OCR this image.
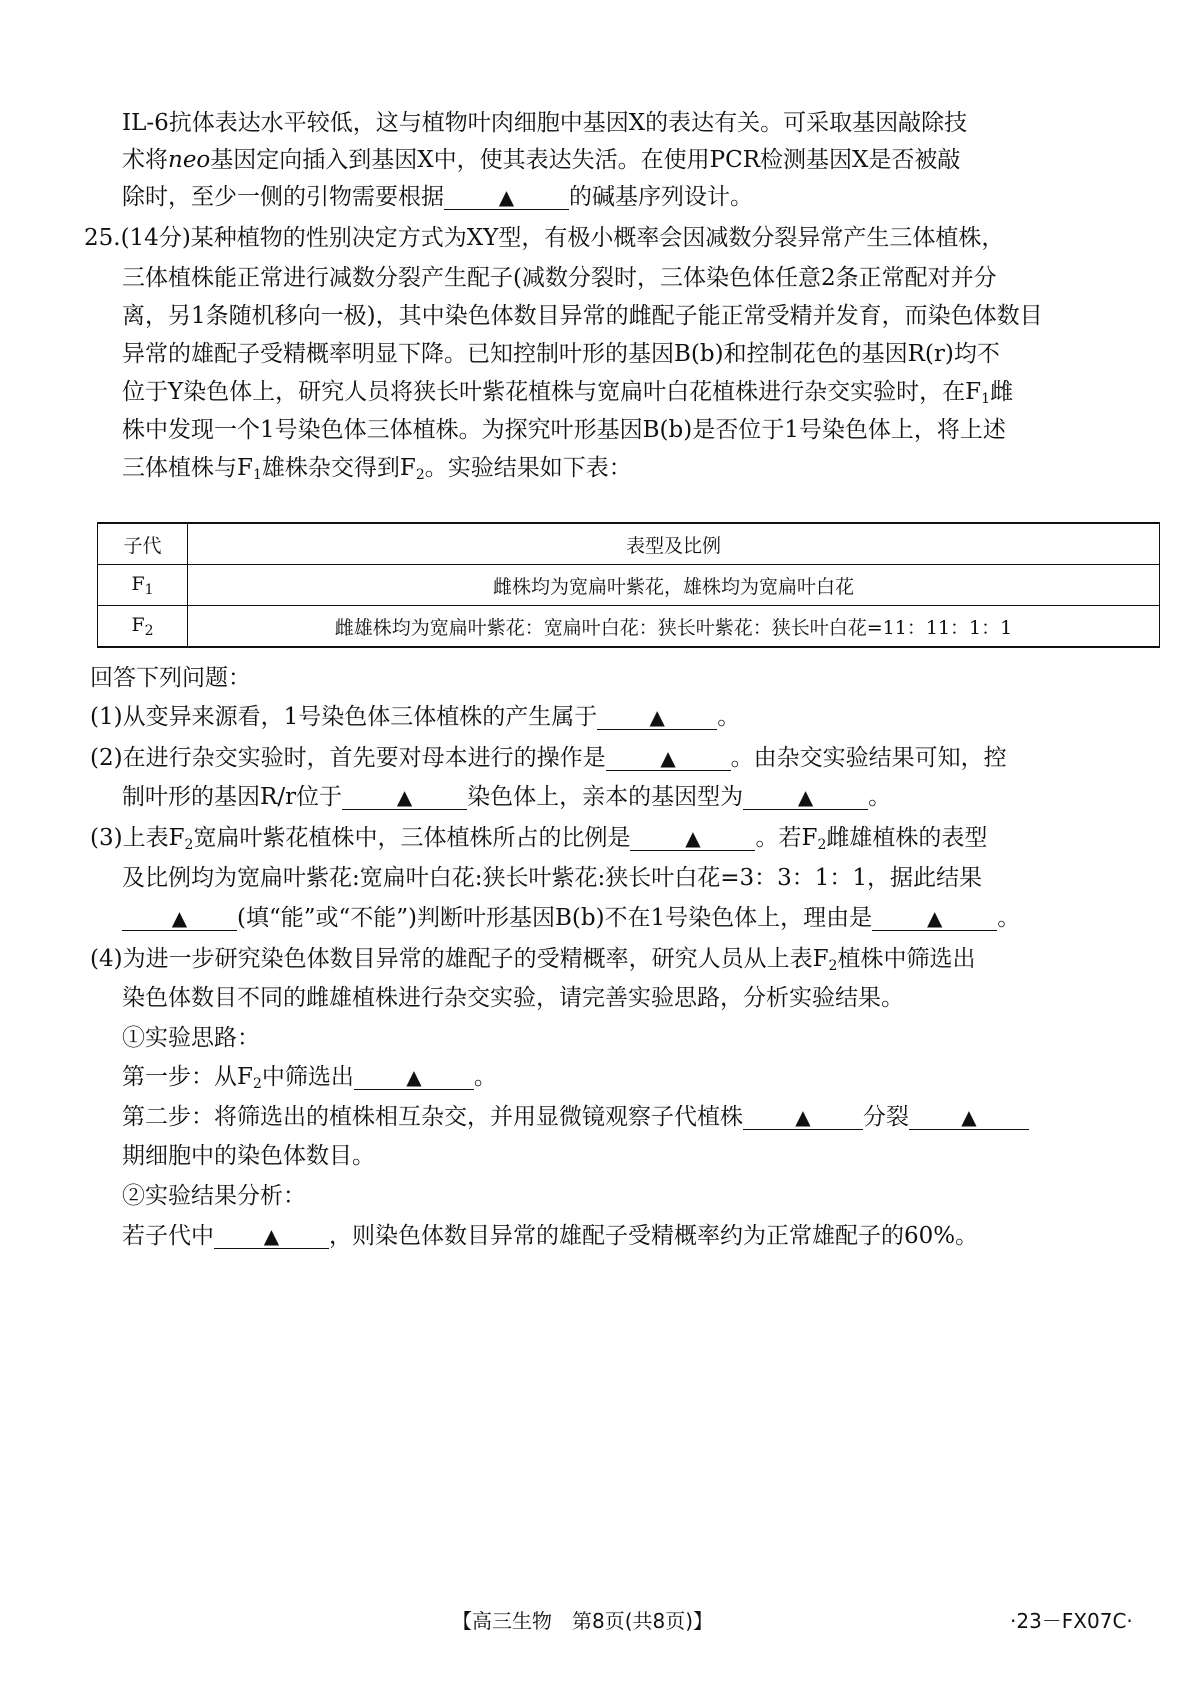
IL-6抗体表达水平较低，这与植物叶肉细胞中基因X的表达有关。可采取基因敲除技
术将neo基因定向插入到基因X中，使其表达失活。在使用PCR检测基因X是否被敲
除时，至少一侧的引物需要根据	▲ 的碱基序列设计。
25.(14分)某种植物的性别决定方式为XY型，有极小概率会因减数分裂异常产生三体植株，
三体植株能正常进行减数分裂产生配子(减数分裂时，三体染色体任意2条正常配对并分
离，另1条随机移向一极)，其中染色体数目异常的雌配子能正常受精并发育，而染色体数目
异常的雄配子受精概率明显下降。已知控制叶形的基因B(b)和控制花色的基因R(r)均不
位于Y染色体上，研究人员将狭长叶紫花植株与宽扁叶白花植株进行杂交实验时，在$F_1$雌
株中发现一个1号染色体三体植株。为探究叶形基因B(b)是否位于1号染色体上，将上述
三体植株与$F_1$雄株杂交得到$F_2$。实验结果如下表：
子代	表型及比例
$F_1$	雌株均为宽扁叶紫花，雄株均为宽扁叶白花
$F_2$	雌雄株均为宽扁叶紫花：宽扁叶白花：狭长叶紫花：狭长叶白花=11：11：1：1
回答下列问题：
(1)从变异来源看，1号染色体三体植株的产生属于	▲ 。
(2)在进行杂交实验时，首先要对母本进行的操作是	▲ 。由杂交实验结果可知，控
制叶形的基因R/r位于	▲ 染色体上，亲本的基因型为	▲ 。
(3)上表$F_2$宽扁叶紫花植株中，三体植株所占的比例是	▲ 。若$F_2$雌雄植株的表型
及比例均为宽扁叶紫花:宽扁叶白花:狭长叶紫花:狭长叶白花=3：3：1：1，据此结果
▲ (填“能”或“不能”)判断叶形基因B(b)不在1号染色体上，理由是	▲ 。
(4)为进一步研究染色体数目异常的雄配子的受精概率，研究人员从上表$F_2$植株中筛选出
染色体数目不同的雌雄植株进行杂交实验，请完善实验思路，分析实验结果。
①实验思路：
第一步：从$F_2$中筛选出	▲ 。
第二步：将筛选出的植株相互杂交，并用显微镜观察子代植株	▲ 分裂	▲
期细胞中的染色体数目。
②实验结果分析：
若子代中 ▲ ，则染色体数目异常的雄配子受精概率约为正常雄配子的60%。
【高三生物　第8页(共8页)】	·23－FX07C·
